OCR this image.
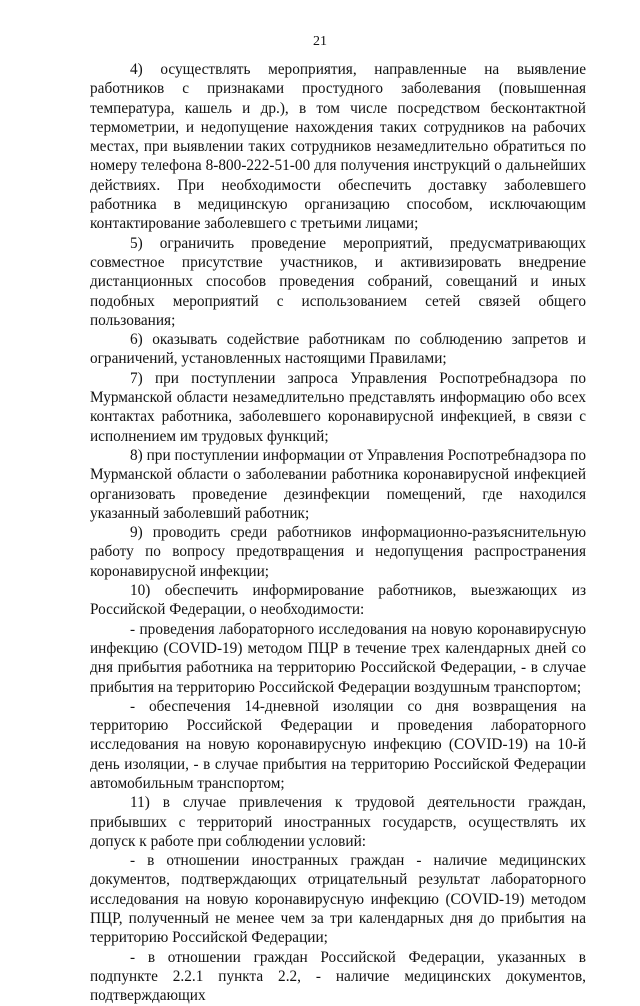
21

4) осуществлять мероприятия, направленные на выявление работников с признаками простудного заболевания (повышенная температура, кашель и др.), в том числе посредством бесконтактной термометрии, и недопущение нахождения таких сотрудников на рабочих местах, при выявлении таких сотрудников незамедлительно обратиться по номеру телефона 8-800-222-51-00 для получения инструкций о дальнейших действиях. При необходимости обеспечить доставку заболевшего работника в медицинскую организацию способом, исключающим контактирование заболевшего с третьими лицами;

5) ограничить проведение мероприятий, предусматривающих совместное присутствие участников, и активизировать внедрение дистанционных способов проведения собраний, совещаний и иных подобных мероприятий с использованием сетей связей общего пользования;

6) оказывать содействие работникам по соблюдению запретов и ограничений, установленных настоящими Правилами;

7) при поступлении запроса Управления Роспотребнадзора по Мурманской области незамедлительно представлять информацию обо всех контактах работника, заболевшего коронавирусной инфекцией, в связи с исполнением им трудовых функций;

8) при поступлении информации от Управления Роспотребнадзора по Мурманской области о заболевании работника коронавирусной инфекцией организовать проведение дезинфекции помещений, где находился указанный заболевший работник;

9) проводить среди работников информационно-разъяснительную работу по вопросу предотвращения и недопущения распространения коронавирусной инфекции;

10) обеспечить информирование работников, выезжающих из Российской Федерации, о необходимости:

- проведения лабораторного исследования на новую коронавирусную инфекцию (COVID-19) методом ПЦР в течение трех календарных дней со дня прибытия работника на территорию Российской Федерации, - в случае прибытия на территорию Российской Федерации воздушным транспортом;

- обеспечения 14-дневной изоляции со дня возвращения на территорию Российской Федерации и проведения лабораторного исследования на новую коронавирусную инфекцию (COVID-19) на 10-й день изоляции, - в случае прибытия на территорию Российской Федерации автомобильным транспортом;

11) в случае привлечения к трудовой деятельности граждан, прибывших с территорий иностранных государств, осуществлять их допуск к работе при соблюдении условий:

- в отношении иностранных граждан - наличие медицинских документов, подтверждающих отрицательный результат лабораторного исследования на новую коронавирусную инфекцию (COVID-19) методом ПЦР, полученный не менее чем за три календарных дня до прибытия на территорию Российской Федерации;

- в отношении граждан Российской Федерации, указанных в подпункте 2.2.1 пункта 2.2, - наличие медицинских документов, подтверждающих
